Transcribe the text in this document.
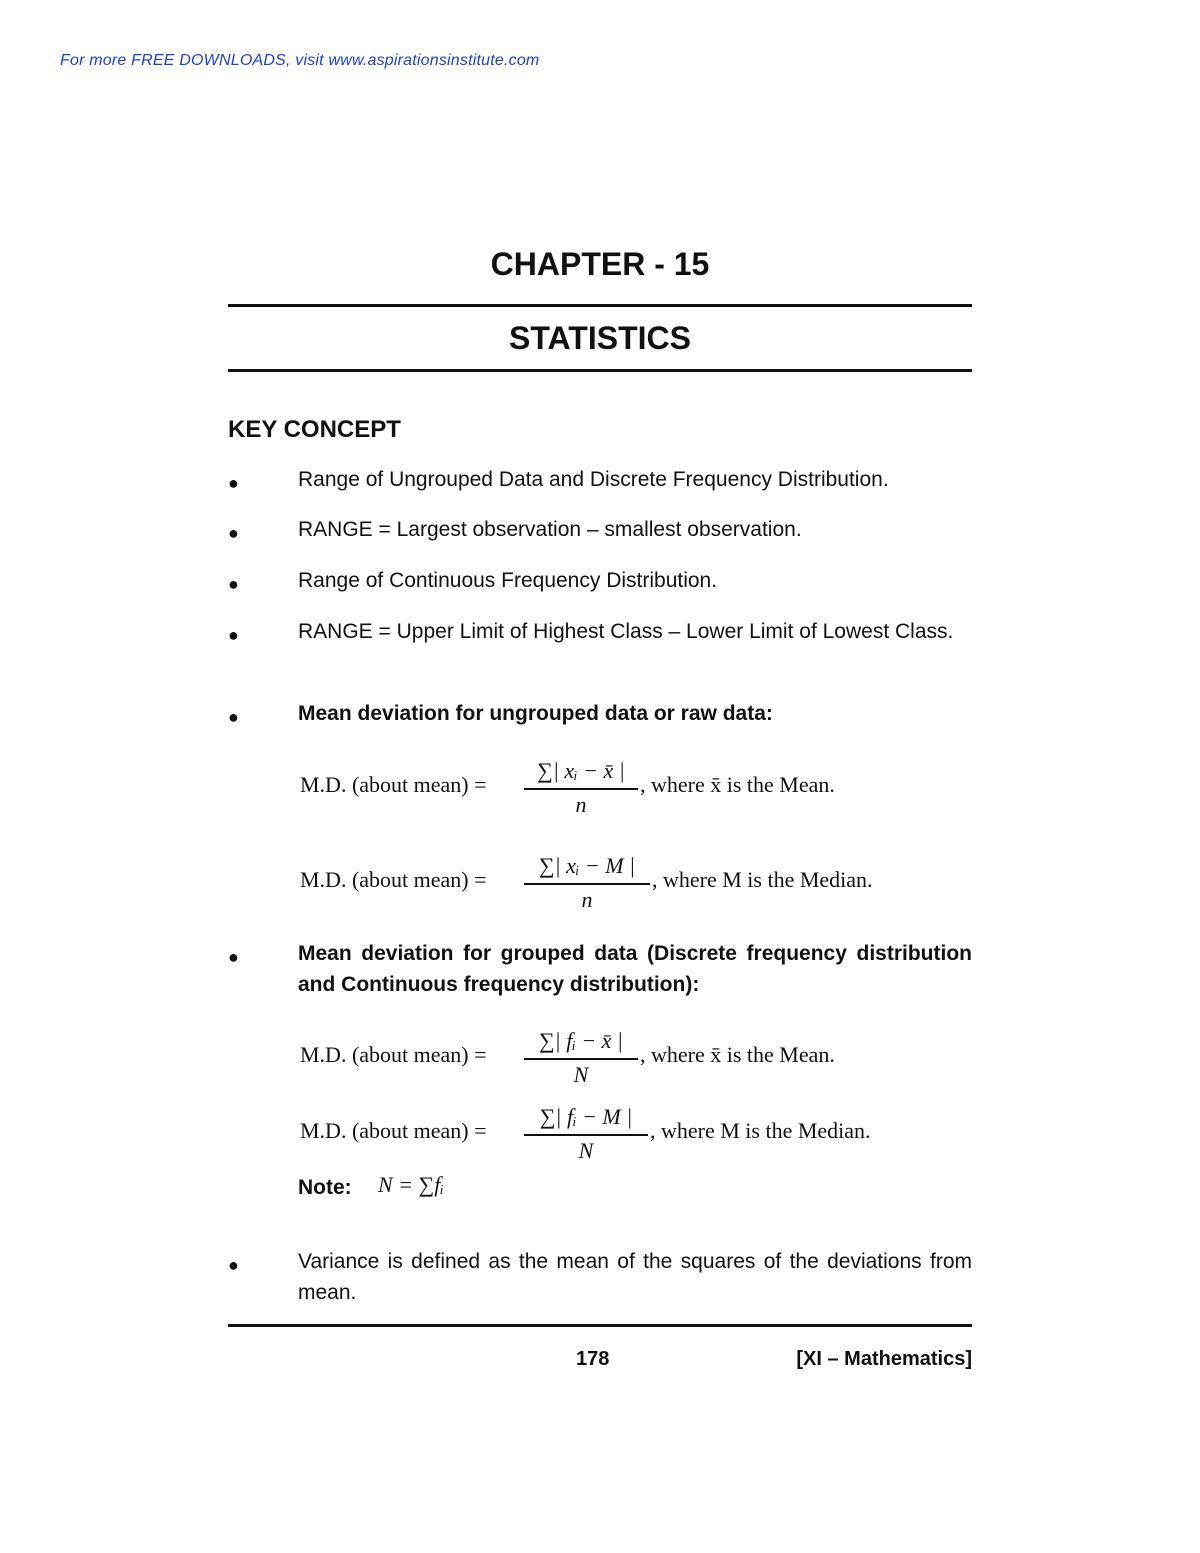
For more FREE DOWNLOADS, visit www.aspirationsinstitute.com
CHAPTER - 15
STATISTICS
KEY CONCEPT
●	Range of Ungrouped Data and Discrete Frequency Distribution.
●	RANGE = Largest observation – smallest observation.
●	Range of Continuous Frequency Distribution.
●	RANGE = Upper Limit of Highest Class – Lower Limit of Lowest Class.
●	Mean deviation for ungrouped data or raw data:
M.D. (about mean) =
∑| xᵢ − x̄ |
n
, where x̄ is the Mean.
M.D. (about mean) =
∑| xᵢ − M |
n
, where M is the Median.
●	Mean deviation for grouped data (Discrete frequency distribution and Continuous frequency distribution):
M.D. (about mean) =
∑| fᵢ − x̄ |
N
, where x̄ is the Mean.
M.D. (about mean) =
∑| fᵢ − M |
N
, where M is the Median.
Note: N = ∑fᵢ
●	Variance is defined as the mean of the squares of the deviations from mean.
178	[XI – Mathematics]
